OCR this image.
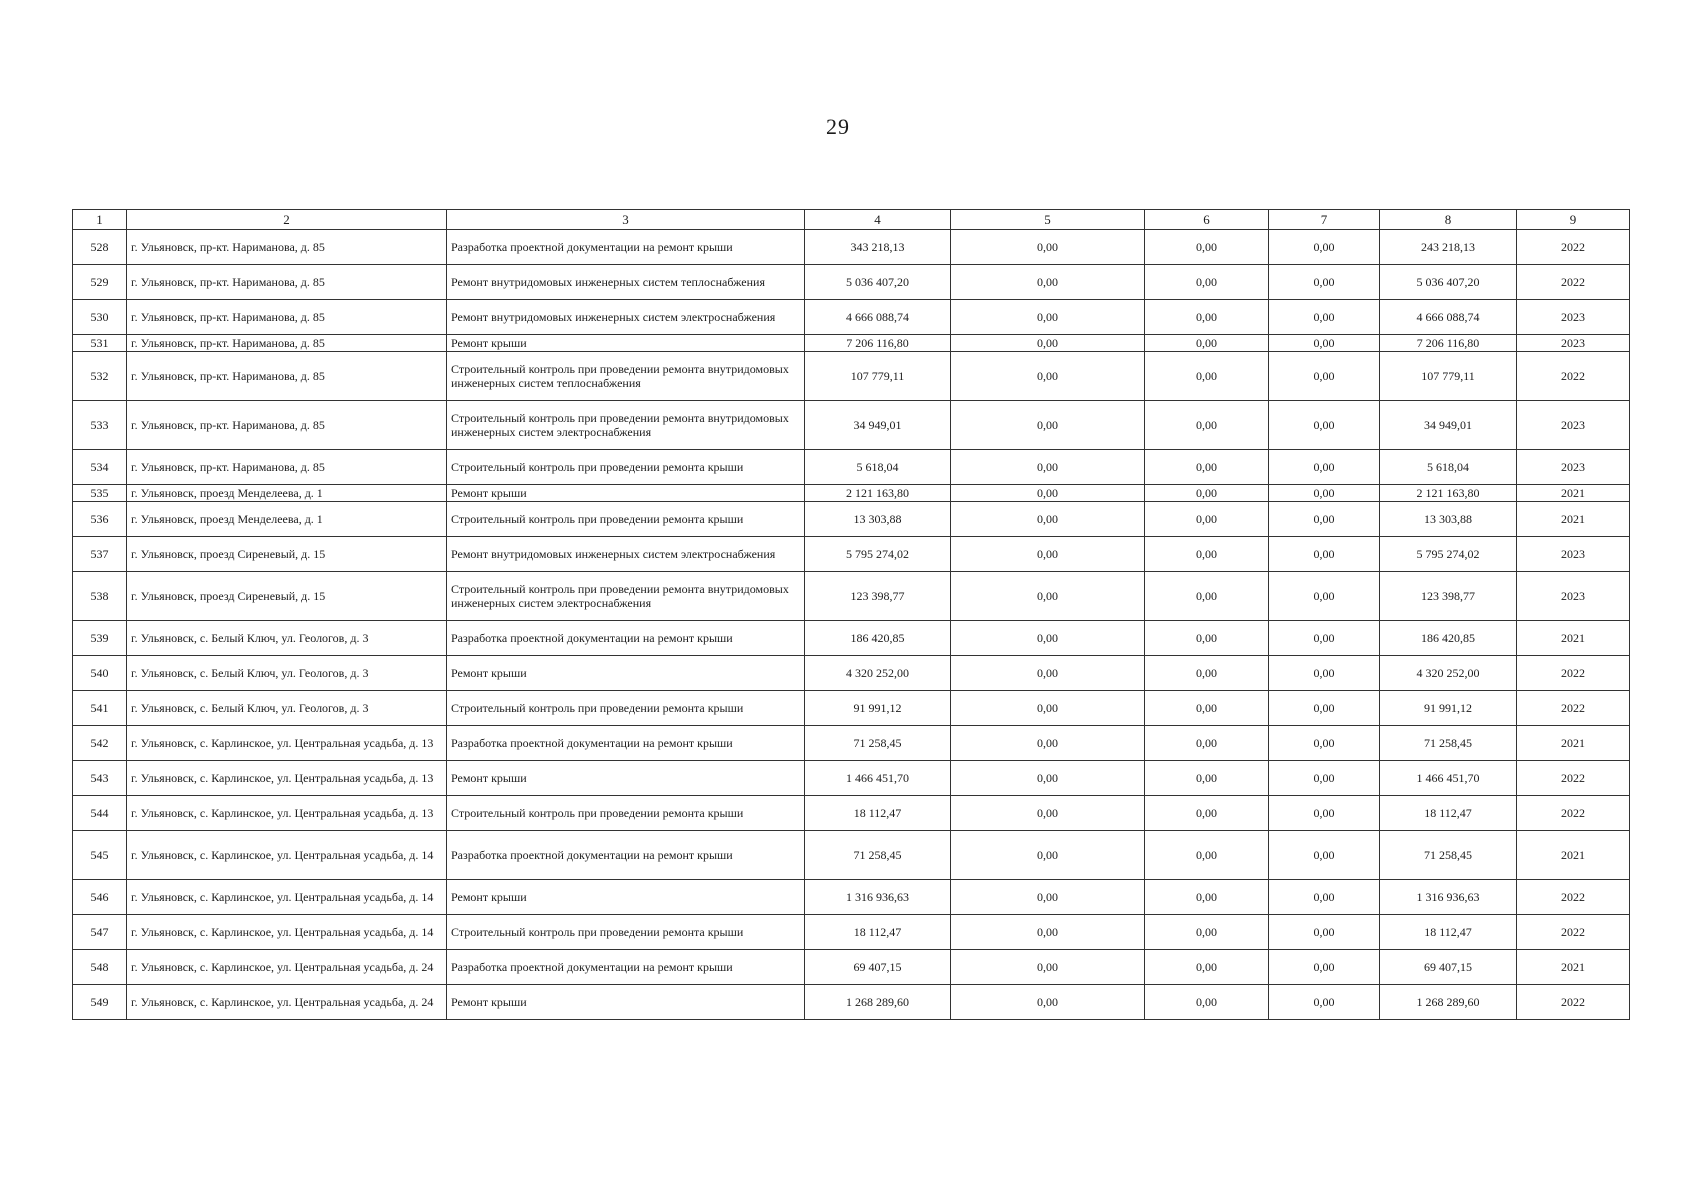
29
1	2	3	4	5	6	7	8	9
528	г. Ульяновск, пр-кт. Нариманова, д. 85	Разработка проектной документации на ремонт крыши	343 218,13	0,00	0,00	0,00	243 218,13	2022
529	г. Ульяновск, пр-кт. Нариманова, д. 85	Ремонт внутридомовых инженерных систем теплоснабжения	5 036 407,20	0,00	0,00	0,00	5 036 407,20	2022
530	г. Ульяновск, пр-кт. Нариманова, д. 85	Ремонт внутридомовых инженерных систем электроснабжения	4 666 088,74	0,00	0,00	0,00	4 666 088,74	2023
531	г. Ульяновск, пр-кт. Нариманова, д. 85	Ремонт крыши	7 206 116,80	0,00	0,00	0,00	7 206 116,80	2023
532	г. Ульяновск, пр-кт. Нариманова, д. 85	Строительный контроль при проведении ремонта внутридомовых инженерных систем теплоснабжения	107 779,11	0,00	0,00	0,00	107 779,11	2022
533	г. Ульяновск, пр-кт. Нариманова, д. 85	Строительный контроль при проведении ремонта внутридомовых инженерных систем электроснабжения	34 949,01	0,00	0,00	0,00	34 949,01	2023
534	г. Ульяновск, пр-кт. Нариманова, д. 85	Строительный контроль при проведении ремонта крыши	5 618,04	0,00	0,00	0,00	5 618,04	2023
535	г. Ульяновск, проезд Менделеева, д. 1	Ремонт крыши	2 121 163,80	0,00	0,00	0,00	2 121 163,80	2021
536	г. Ульяновск, проезд Менделеева, д. 1	Строительный контроль при проведении ремонта крыши	13 303,88	0,00	0,00	0,00	13 303,88	2021
537	г. Ульяновск, проезд Сиреневый, д. 15	Ремонт внутридомовых инженерных систем электроснабжения	5 795 274,02	0,00	0,00	0,00	5 795 274,02	2023
538	г. Ульяновск, проезд Сиреневый, д. 15	Строительный контроль при проведении ремонта внутридомовых инженерных систем электроснабжения	123 398,77	0,00	0,00	0,00	123 398,77	2023
539	г. Ульяновск, с. Белый Ключ, ул. Геологов, д. 3	Разработка проектной документации на ремонт крыши	186 420,85	0,00	0,00	0,00	186 420,85	2021
540	г. Ульяновск, с. Белый Ключ, ул. Геологов, д. 3	Ремонт крыши	4 320 252,00	0,00	0,00	0,00	4 320 252,00	2022
541	г. Ульяновск, с. Белый Ключ, ул. Геологов, д. 3	Строительный контроль при проведении ремонта крыши	91 991,12	0,00	0,00	0,00	91 991,12	2022
542	г. Ульяновск, с. Карлинское, ул. Центральная усадьба, д. 13	Разработка проектной документации на ремонт крыши	71 258,45	0,00	0,00	0,00	71 258,45	2021
543	г. Ульяновск, с. Карлинское, ул. Центральная усадьба, д. 13	Ремонт крыши	1 466 451,70	0,00	0,00	0,00	1 466 451,70	2022
544	г. Ульяновск, с. Карлинское, ул. Центральная усадьба, д. 13	Строительный контроль при проведении ремонта крыши	18 112,47	0,00	0,00	0,00	18 112,47	2022
545	г. Ульяновск, с. Карлинское, ул. Центральная усадьба, д. 14	Разработка проектной документации на ремонт крыши	71 258,45	0,00	0,00	0,00	71 258,45	2021
546	г. Ульяновск, с. Карлинское, ул. Центральная усадьба, д. 14	Ремонт крыши	1 316 936,63	0,00	0,00	0,00	1 316 936,63	2022
547	г. Ульяновск, с. Карлинское, ул. Центральная усадьба, д. 14	Строительный контроль при проведении ремонта крыши	18 112,47	0,00	0,00	0,00	18 112,47	2022
548	г. Ульяновск, с. Карлинское, ул. Центральная усадьба, д. 24	Разработка проектной документации на ремонт крыши	69 407,15	0,00	0,00	0,00	69 407,15	2021
549	г. Ульяновск, с. Карлинское, ул. Центральная усадьба, д. 24	Ремонт крыши	1 268 289,60	0,00	0,00	0,00	1 268 289,60	2022
